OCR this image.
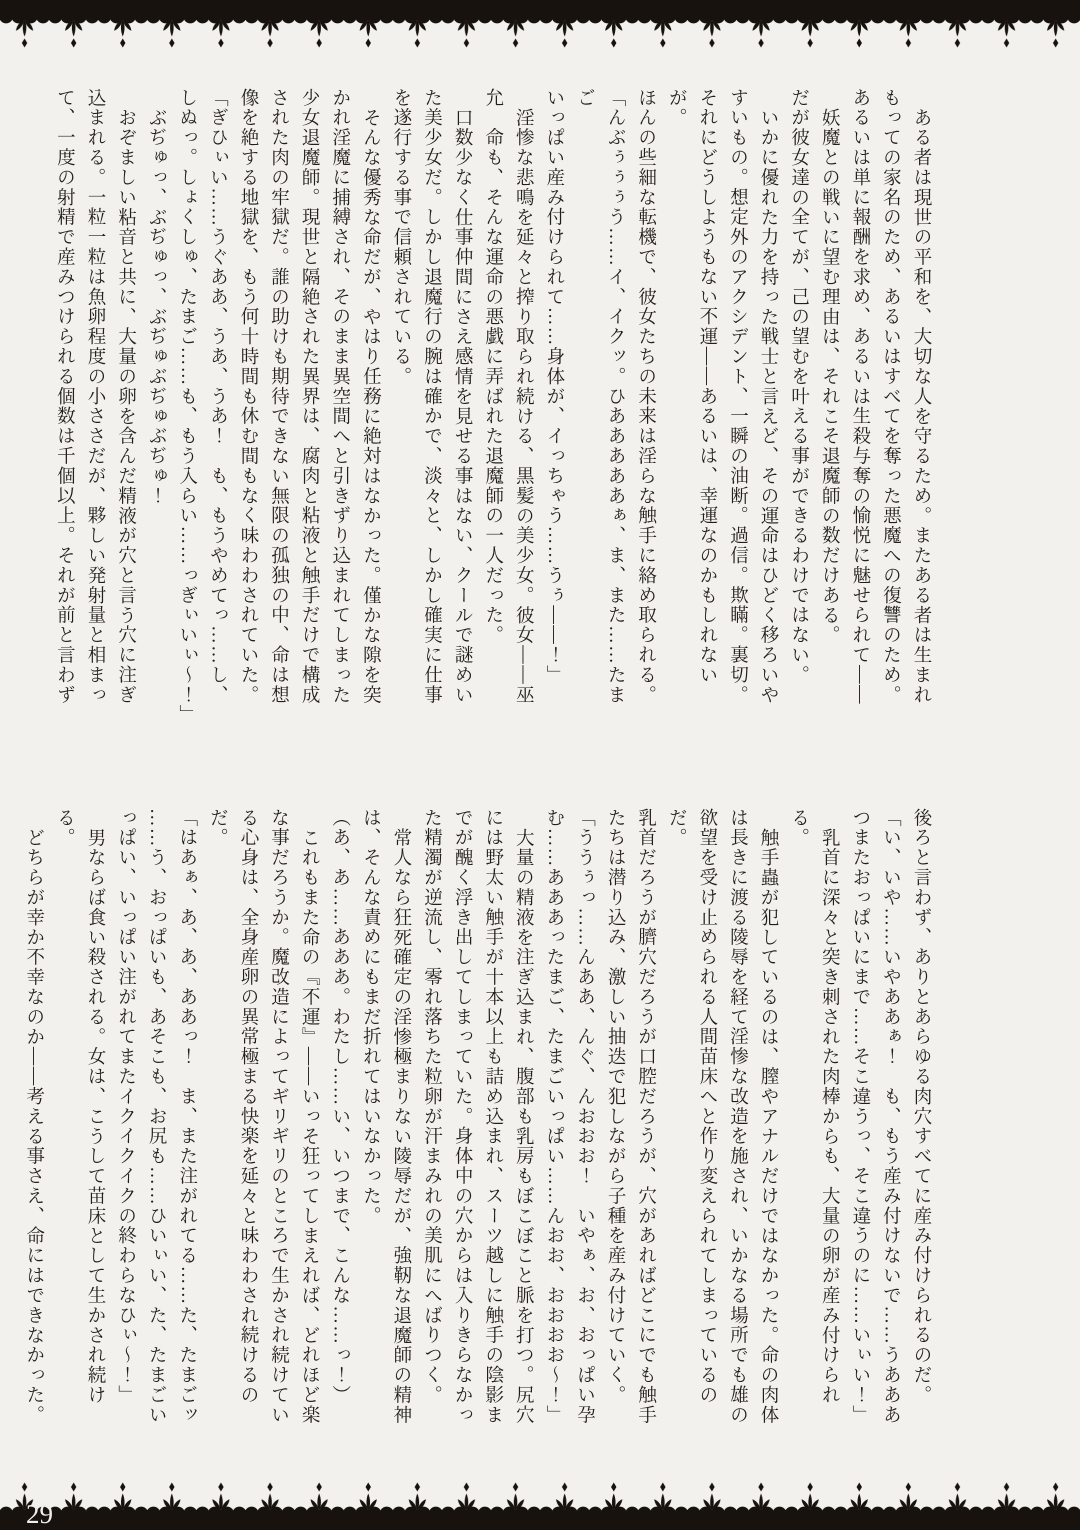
29
ある者は現世の平和を、大切な人を守るため。またある者は生まれ
もっての家名のため、あるいはすべてを奪った悪魔への復讐のため。
あるいは単に報酬を求め、あるいは生殺与奪の愉悦に魅せられて――
妖魔との戦いに望む理由は、それこそ退魔師の数だけある。
だが彼女達の全てが、己の望むを叶える事ができるわけではない。
いかに優れた力を持った戦士と言えど、その運命はひどく移ろいや
すいもの。想定外のアクシデント、一瞬の油断。過信。欺瞞。裏切。
それにどうしようもない不運――あるいは、幸運なのかもしれないが。
ほんの些細な転機で、彼女たちの未来は淫らな触手に絡め取られる。
「んぶぅぅぅう……イ、イクッ。ひあああああぁ、ま、また……たまご
いっぱい産み付けられて……身体が、イっちゃう……うぅ――！」
淫惨な悲鳴を延々と搾り取られ続ける、黒髪の美少女。彼女――巫
允　命も、そんな運命の悪戯に弄ばれた退魔師の一人だった。
口数少なく仕事仲間にさえ感情を見せる事はない、クールで謎めい
た美少女だ。しかし退魔行の腕は確かで、淡々と、しかし確実に仕事
を遂行する事で信頼されている。
そんな優秀な命だが、やはり任務に絶対はなかった。僅かな隙を突
かれ淫魔に捕縛され、そのまま異空間へと引きずり込まれてしまった
少女退魔師。現世と隔絶された異界は、腐肉と粘液と触手だけで構成
された肉の牢獄だ。誰の助けも期待できない無限の孤独の中、命は想
像を絶する地獄を、もう何十時間も休む間もなく味わわされていた。
「ぎひぃい……うぐああ、うあ、うあ！　も、もうやめてっ……し、
しぬっ。しょくしゅ、たまご……も、もう入らい……っぎぃいぃ〜！」
ぶぢゅっ、ぶぢゅっ、ぶぢゅぶぢゅぶぢゅ！
おぞましい粘音と共に、大量の卵を含んだ精液が穴と言う穴に注ぎ
込まれる。一粒一粒は魚卵程度の小ささだが、夥しい発射量と相まっ
て、一度の射精で産みつけられる個数は千個以上。それが前と言わず
後ろと言わず、ありとあらゆる肉穴すべてに産み付けられるのだ。
「い、いや……いやああぁ！　も、もう産み付けないで……うあああ
つまたおっぱいにまで……そこ違うっ、そこ違うのに……いぃい！」
乳首に深々と突き刺された肉棒からも、大量の卵が産み付けられる。
触手蟲が犯しているのは、膣やアナルだけではなかった。命の肉体
は長きに渡る陵辱を経て淫惨な改造を施され、いかなる場所でも雄の
欲望を受け止められる人間苗床へと作り変えられてしまっているのだ。
乳首だろうが臍穴だろうが口腔だろうが、穴があればどこにでも触手
たちは潜り込み、激しい抽迭で犯しながら子種を産み付けていく。
「ううぅっ……んああ、んぐ、んおおお！　いやぁ、お、おっぱい孕
む……あああったまご、たまごいっぱい……んおお、おおおお〜！」
大量の精液を注ぎ込まれ、腹部も乳房もぼこぼこと脈を打つ。尻穴
には野太い触手が十本以上も詰め込まれ、スーツ越しに触手の陰影ま
でが醜く浮き出してしまっていた。身体中の穴からは入りきらなかっ
た精濁が逆流し、零れ落ちた粒卵が汗まみれの美肌にへばりつく。
常人なら狂死確定の淫惨極まりない陵辱だが、強靭な退魔師の精神
は、そんな責めにもまだ折れてはいなかった。
（あ、あ……あああ。わたし……い、いつまで、こんな……っ！）
これもまた命の『不運』――いっそ狂ってしまえれば、どれほど楽
な事だろうか。魔改造によってギリギリのところで生かされ続けてい
る心身は、全身産卵の異常極まる快楽を延々と味わわされ続けるのだ。
「はあぁ、あ、あ、ああっ！　ま、また注がれてる……た、たまごッ
……う、おっぱいも、あそこも、お尻も……ひいぃい、た、たまごい
っぱい、いっぱい注がれてまたイクイクイクの終わらなひぃ〜！」
男ならば食い殺される。女は、こうして苗床として生かされ続ける。
どちらが幸か不幸なのか――考える事さえ、命にはできなかった。
